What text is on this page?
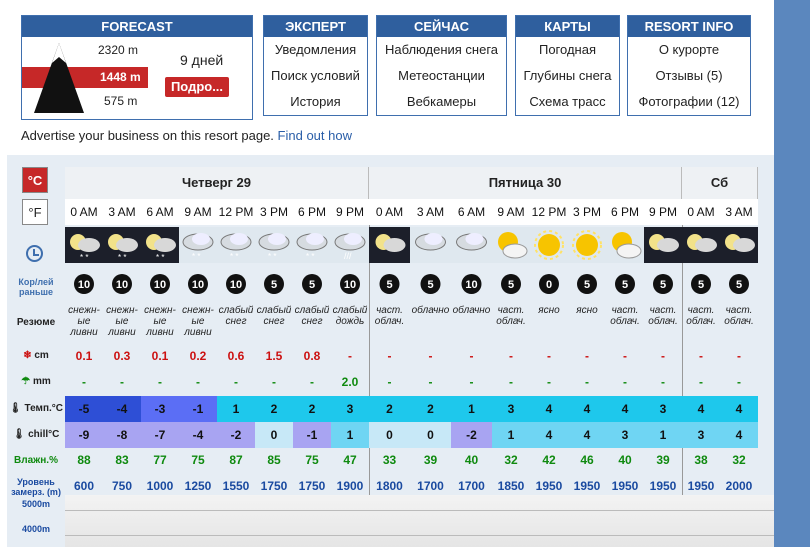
FORECAST
1448 m
2320 m
575 m
9 дней
Подро...
ЭКСПЕРТ
Уведомления
Поиск условий
История
СЕЙЧАС
Наблюдения снега
Метеостанции
Вебкамеры
КАРТЫ
Погодная
Глубины снега
Схема трасс
RESORT INFO
О курорте
Отзывы (5)
Фотографии (12)
Advertise your business on this resort page. Find out how
°C
°F
Кор/лей раньше
Резюме
❄ cm
☂ mm
🌡 Темп.°C
🌡 chill°C
Влажн.%
Уровень замерз. (m)
5000m
4000m
Четверг 29	Пятница 30	Сб
0 AM
* *
10
снежн-ые ливни
0.1
-
-5
-9
88
600
3 AM
* *
10
снежн-ые ливни
0.3
-
-4
-8
83
750
6 AM
* *
10
снежн-ые ливни
0.1
-
-3
-7
77
1000
9 AM
* *
10
снежн-ые ливни
0.2
-
-1
-4
75
1250
12 PM
* *
10
слабый снег
0.6
-
1
-2
87
1550
3 PM
* *
5
слабый снег
1.5
-
2
0
85
1750
6 PM
* *
5
слабый снег
0.8
-
2
-1
75
1750
9 PM
///
10
слабый дождь
-
2.0
3
1
47
1900
0 AM
5
част. облач.
-
-
2
0
33
1800
3 AM
5
облачно
-
-
2
0
39
1700
6 AM
10
облачно
-
-
1
-2
40
1700
9 AM
5
част. облач.
-
-
3
1
32
1850
12 PM
0
ясно
-
-
4
4
42
1950
3 PM
5
ясно
-
-
4
4
46
1950
6 PM
5
част. облач.
-
-
4
3
40
1950
9 PM
5
част. облач.
-
-
3
1
39
1950
0 AM
5
част. облач.
-
-
4
3
38
1950
3 AM
5
част. облач.
-
-
4
4
32
2000
